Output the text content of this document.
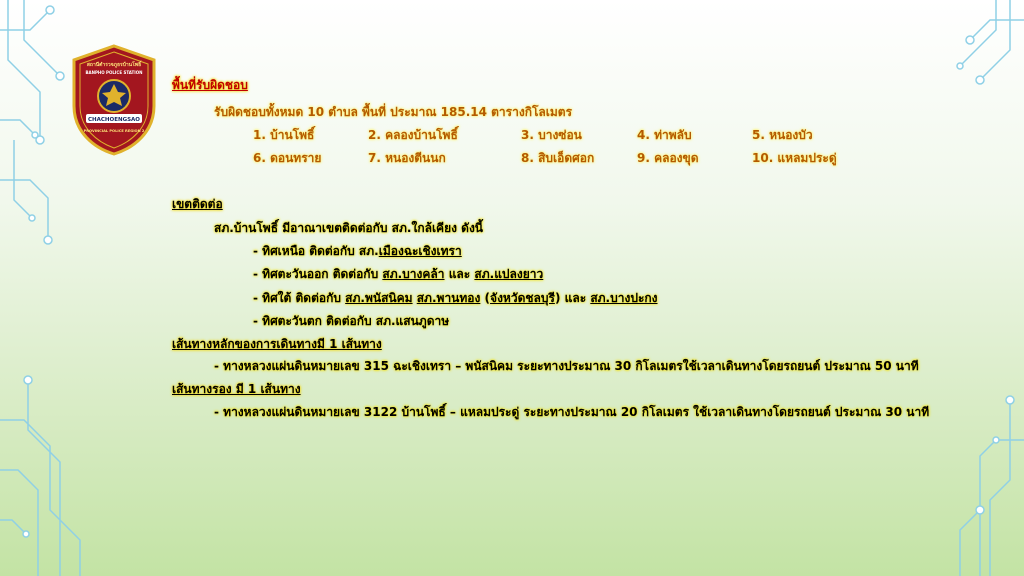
สถานีตำรวจภูธรบ้านโพธิ์
BANPHO POLICE STATION
CHACHOENGSAO
PROVINCIAL POLICE REGION 2
พื้นที่รับผิดชอบ
รับผิดชอบทั้งหมด 10 ตำบล พื้นที่ ประมาณ 185.14 ตารางกิโลเมตร
1. บ้านโพธิ์	2. คลองบ้านโพธิ์	3. บางซ่อน	4. ท่าพลับ	5. หนองบัว
6. ดอนทราย	7. หนองตีนนก	8. สิบเอ็ดศอก	9. คลองขุด	10. แหลมประดู่
เขตติดต่อ
สภ.บ้านโพธิ์ มีอาณาเขตติดต่อกับ สภ.ใกล้เคียง ดังนี้
- ทิศเหนือ ติดต่อกับ สภ.เมืองฉะเชิงเทรา
- ทิศตะวันออก ติดต่อกับ สภ.บางคล้า และ สภ.แปลงยาว
- ทิศใต้ ติดต่อกับ สภ.พนัสนิคม สภ.พานทอง (จังหวัดชลบุรี) และ สภ.บางปะกง
- ทิศตะวันตก ติดต่อกับ สภ.แสนภูดาษ
เส้นทางหลักของการเดินทางมี 1 เส้นทาง
- ทางหลวงแผ่นดินหมายเลข 315 ฉะเชิงเทรา – พนัสนิคม ระยะทางประมาณ 30 กิโลเมตรใช้เวลาเดินทางโดยรถยนต์ ประมาณ 50 นาที
เส้นทางรอง มี 1 เส้นทาง
- ทางหลวงแผ่นดินหมายเลข 3122 บ้านโพธิ์ – แหลมประดู่ ระยะทางประมาณ 20 กิโลเมตร ใช้เวลาเดินทางโดยรถยนต์ ประมาณ 30 นาที
